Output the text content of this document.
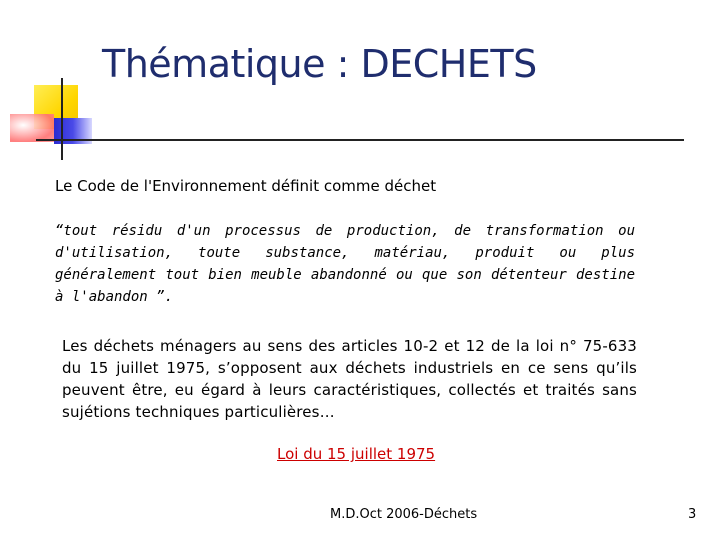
Thématique : DECHETS
Le Code de l'Environnement définit comme déchet
“tout résidu d'un processus de production, de transformation ou d'utilisation, toute substance, matériau, produit ou plus généralement tout bien meuble abandonné ou que son détenteur destine à l'abandon ”.
Les déchets ménagers au sens des articles 10-2 et 12 de la loi n° 75-633 du 15 juillet 1975, s’opposent aux déchets industriels en ce sens qu’ils peuvent être, eu égard à leurs caractéristiques, collectés et traités sans sujétions techniques particulières…
Loi du 15 juillet 1975
M.D.Oct 2006-Déchets	3
